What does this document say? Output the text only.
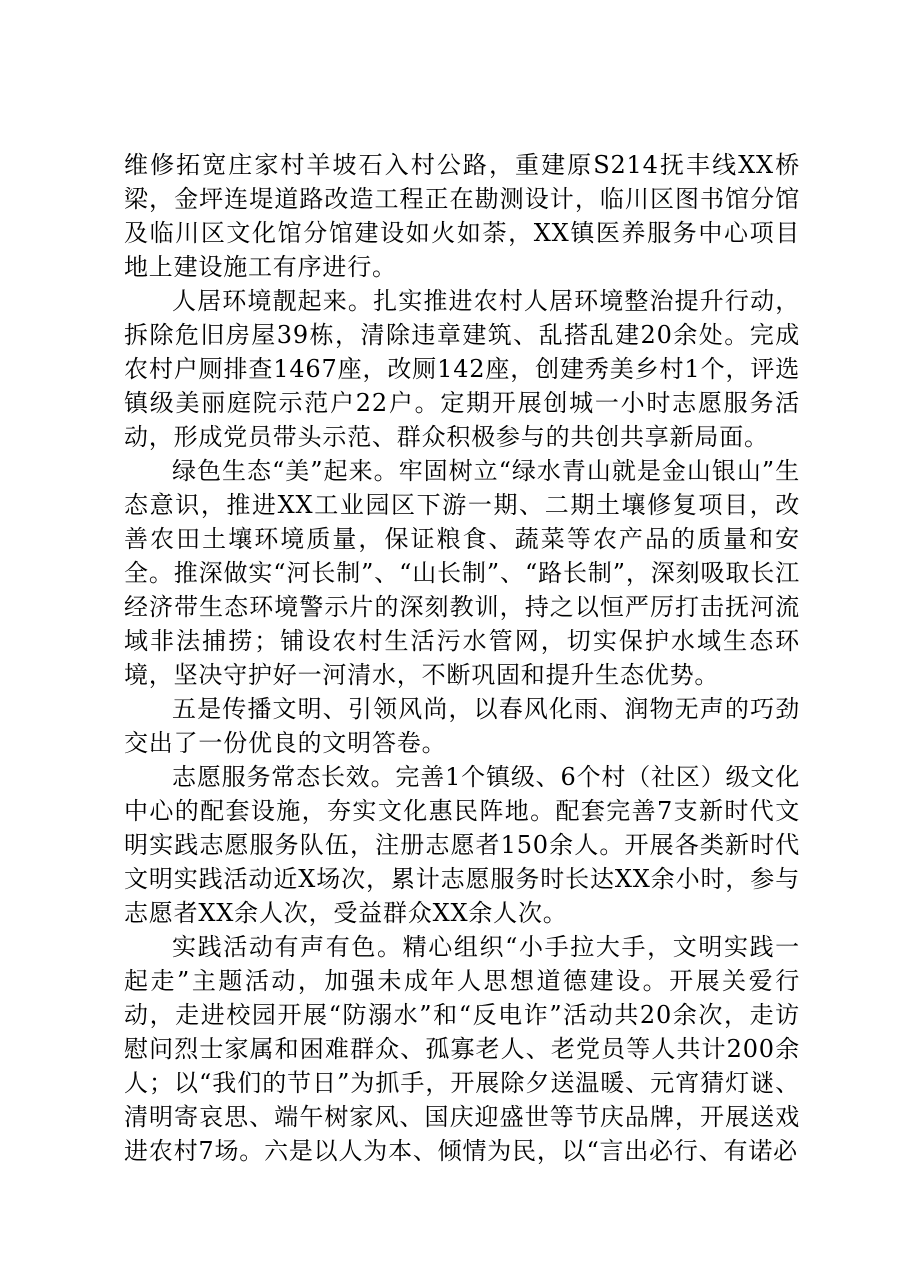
维修拓宽庄家村羊坡石入村公路，重建原S214抚丰线XX桥梁，金坪连堤道路改造工程正在勘测设计，临川区图书馆分馆及临川区文化馆分馆建设如火如荼，XX镇医养服务中心项目地上建设施工有序进行。

人居环境靓起来。扎实推进农村人居环境整治提升行动，拆除危旧房屋39栋，清除违章建筑、乱搭乱建20余处。完成农村户厕排查1467座，改厕142座，创建秀美乡村1个，评选镇级美丽庭院示范户22户。定期开展创城一小时志愿服务活动，形成党员带头示范、群众积极参与的共创共享新局面。

绿色生态“美”起来。牢固树立“绿水青山就是金山银山”生态意识，推进XX工业园区下游一期、二期土壤修复项目，改善农田土壤环境质量，保证粮食、蔬菜等农产品的质量和安全。推深做实“河长制”、“山长制”、“路长制”，深刻吸取长江经济带生态环境警示片的深刻教训，持之以恒严厉打击抚河流域非法捕捞；铺设农村生活污水管网，切实保护水域生态环境，坚决守护好一河清水，不断巩固和提升生态优势。

五是传播文明、引领风尚，以春风化雨、润物无声的巧劲交出了一份优良的文明答卷。

志愿服务常态长效。完善1个镇级、6个村（社区）级文化中心的配套设施，夯实文化惠民阵地。配套完善7支新时代文明实践志愿服务队伍，注册志愿者150余人。开展各类新时代文明实践活动近X场次，累计志愿服务时长达XX余小时，参与志愿者XX余人次，受益群众XX余人次。

实践活动有声有色。精心组织“小手拉大手，文明实践一起走”主题活动，加强未成年人思想道德建设。开展关爱行动，走进校园开展“防溺水”和“反电诈”活动共20余次，走访慰问烈士家属和困难群众、孤寡老人、老党员等人共计200余人；以“我们的节日”为抓手，开展除夕送温暖、元宵猜灯谜、清明寄哀思、端午树家风、国庆迎盛世等节庆品牌，开展送戏进农村7场。六是以人为本、倾情为民，以“言出必行、有诺必
